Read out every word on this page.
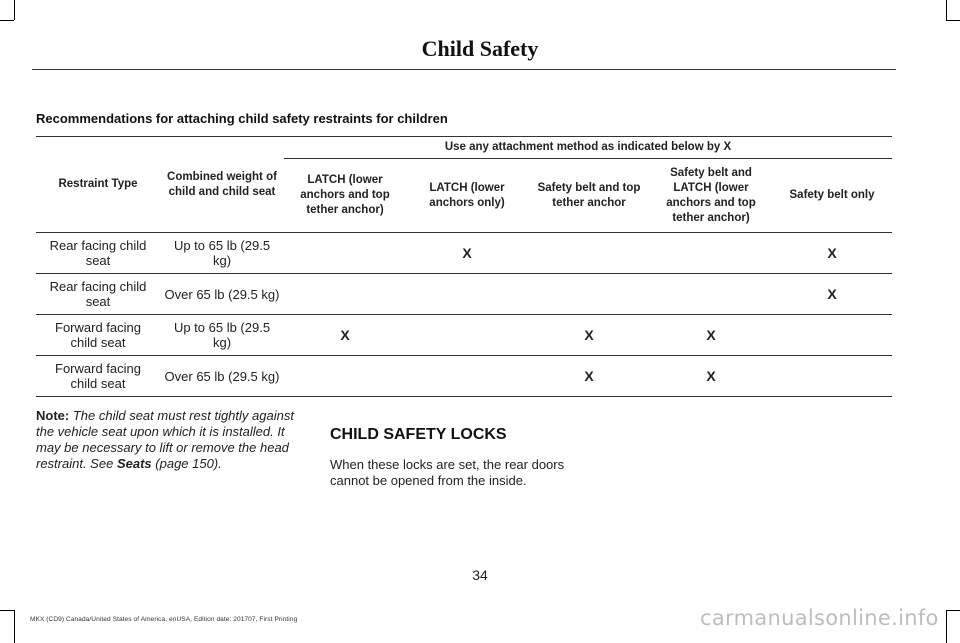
Child Safety
Recommendations for attaching child safety restraints for children
Restraint Type	Combined weight of child and child seat	Use any attachment method as indicated below by X				
		LATCH (lower anchors and top tether anchor)	LATCH (lower anchors only)	Safety belt and top tether anchor	Safety belt and LATCH (lower anchors and top tether anchor)	Safety belt only
Rear facing child seat	Up to 65 lb (29.5 kg)		X			X
Rear facing child seat	Over 65 lb (29.5 kg)					X
Forward facing child seat	Up to 65 lb (29.5 kg)	X		X	X	
Forward facing child seat	Over 65 lb (29.5 kg)			X	X	
Note: The child seat must rest tightly against the vehicle seat upon which it is installed. It may be necessary to lift or remove the head restraint. See Seats (page 150).
CHILD SAFETY LOCKS
When these locks are set, the rear doors cannot be opened from the inside.
34
MKX (CD9) Canada/United States of America, enUSA, Edition date: 201707, First Printing	carmanualsonline.info
